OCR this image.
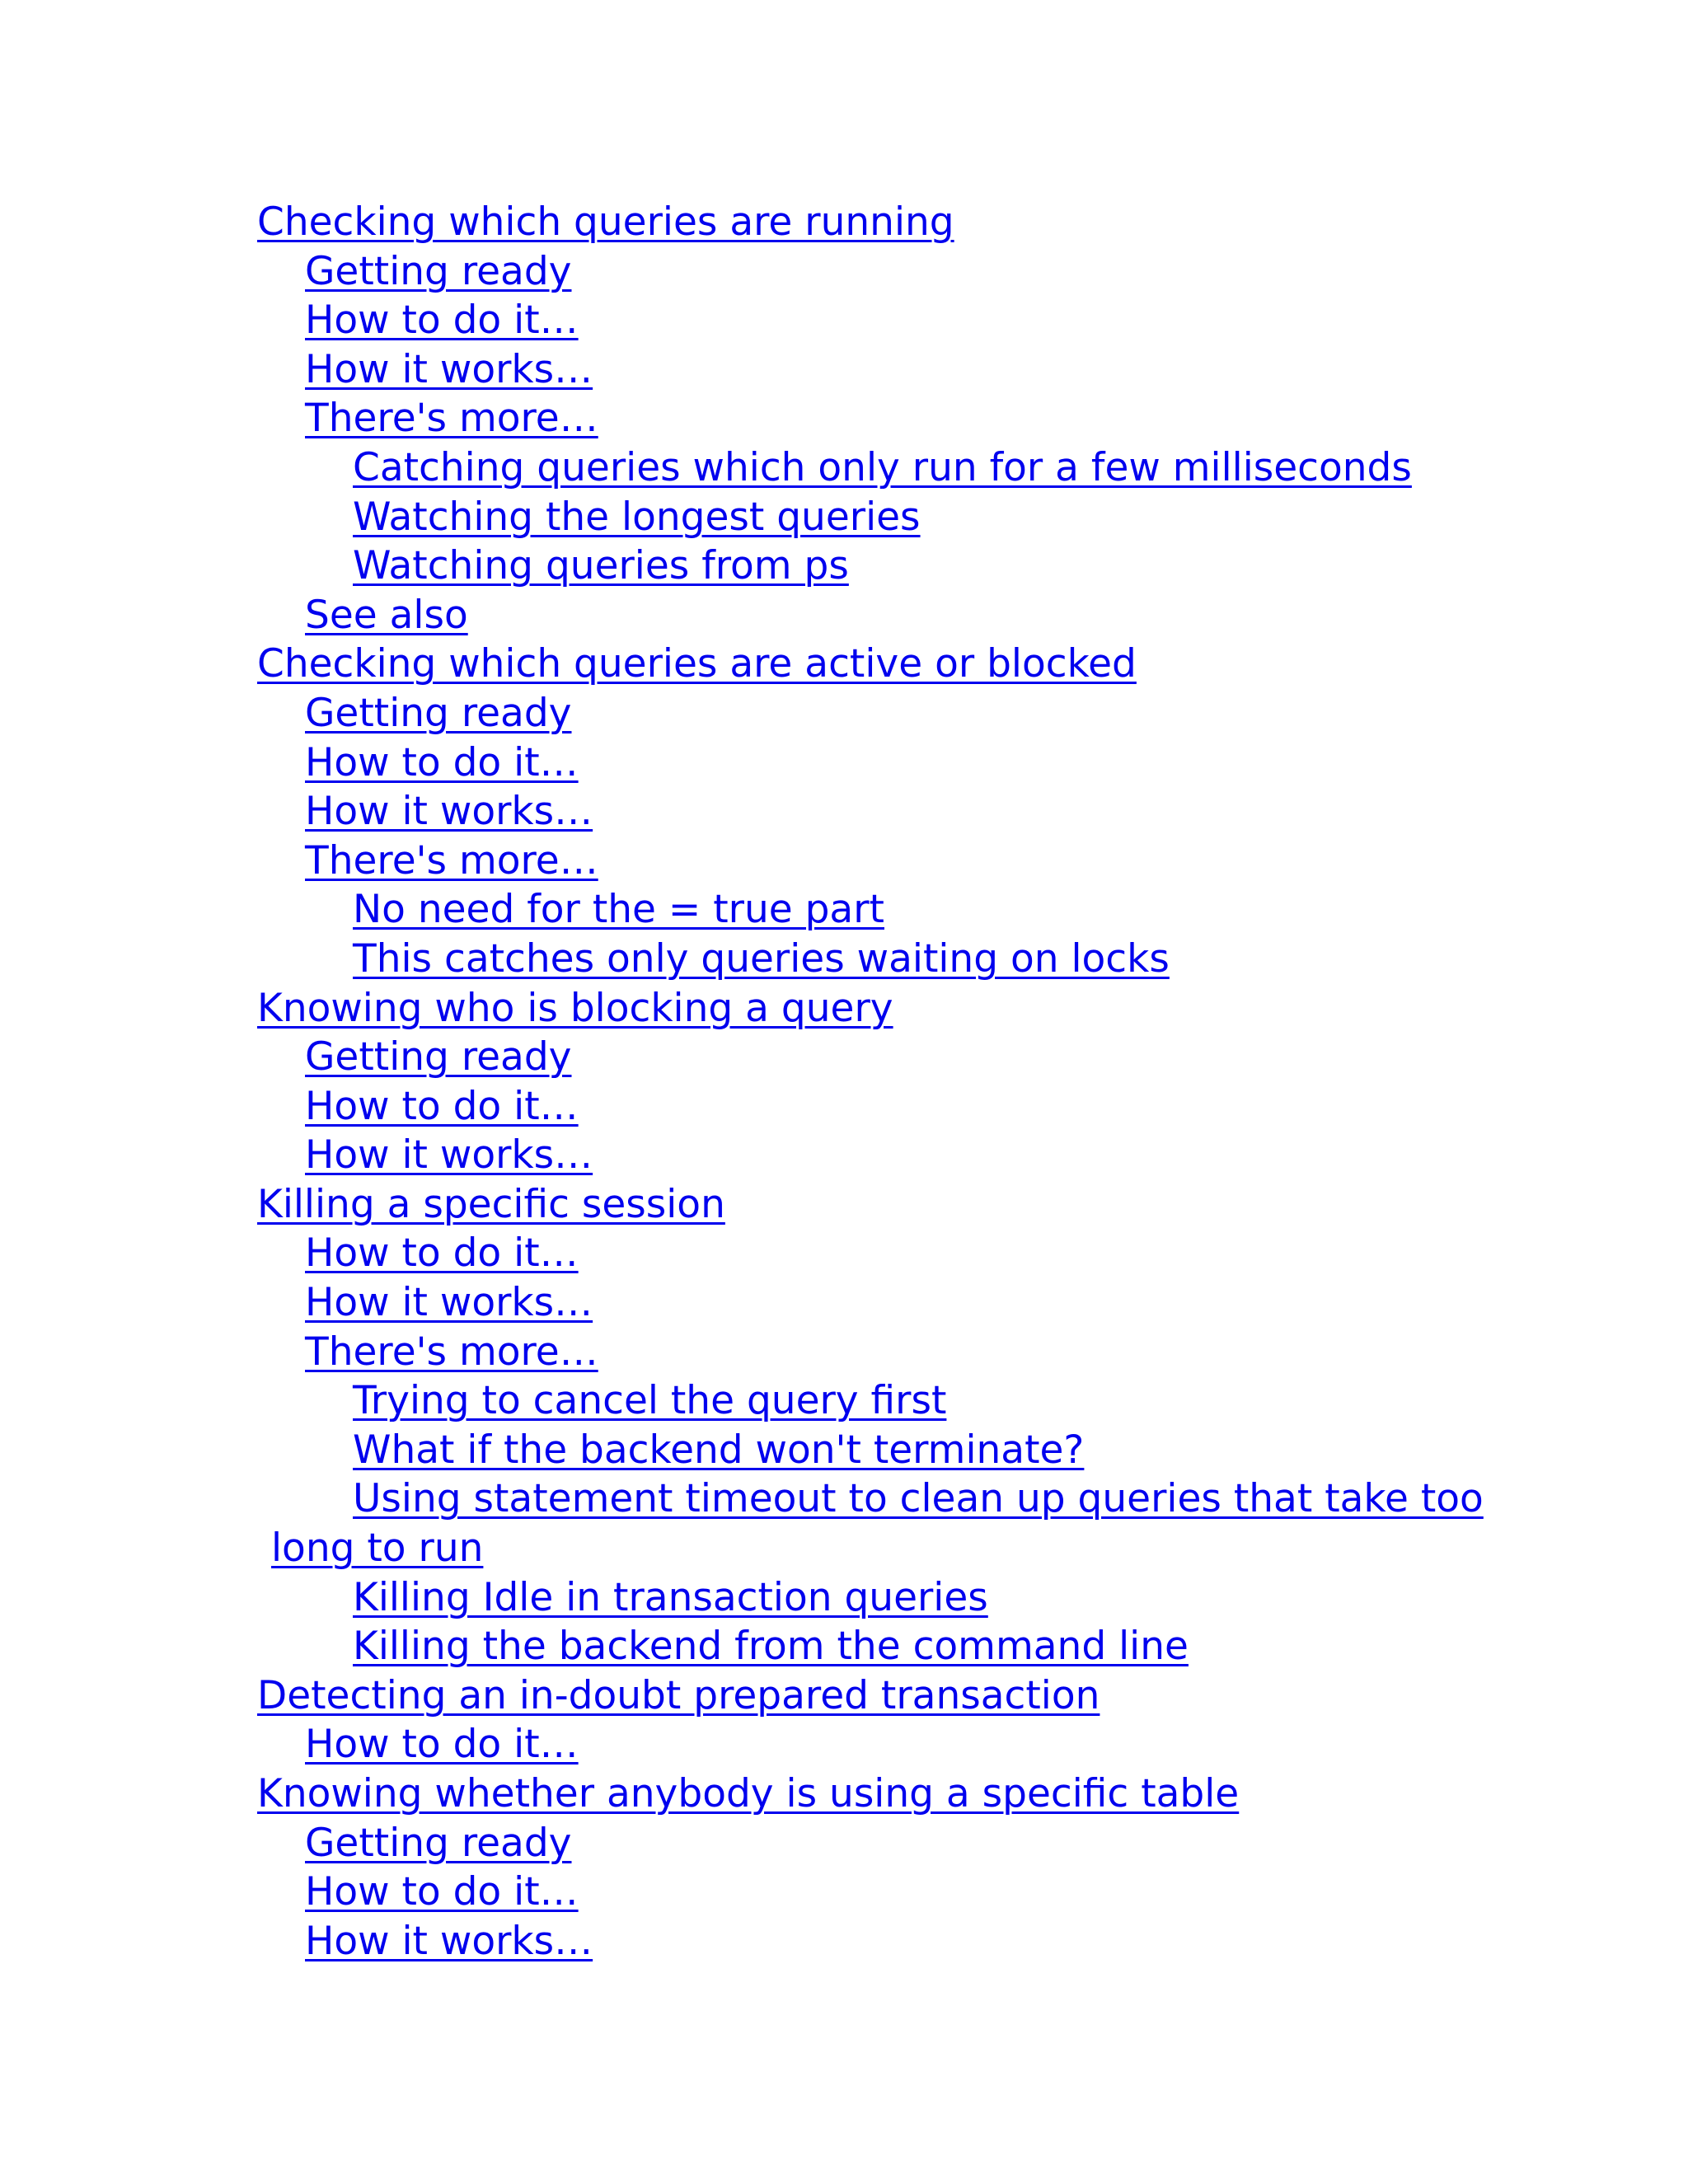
Checking which queries are running
Getting ready
How to do it…
How it works…
There's more…
Catching queries which only run for a few milliseconds
Watching the longest queries
Watching queries from ps
See also
Checking which queries are active or blocked
Getting ready
How to do it…
How it works…
There's more…
No need for the = true part
This catches only queries waiting on locks
Knowing who is blocking a query
Getting ready
How to do it…
How it works…
Killing a specific session
How to do it…
How it works…
There's more…
Trying to cancel the query first
What if the backend won't terminate?
Using statement timeout to clean up queries that take too
long to run
Killing Idle in transaction queries
Killing the backend from the command line
Detecting an in-doubt prepared transaction
How to do it…
Knowing whether anybody is using a specific table
Getting ready
How to do it…
How it works…
